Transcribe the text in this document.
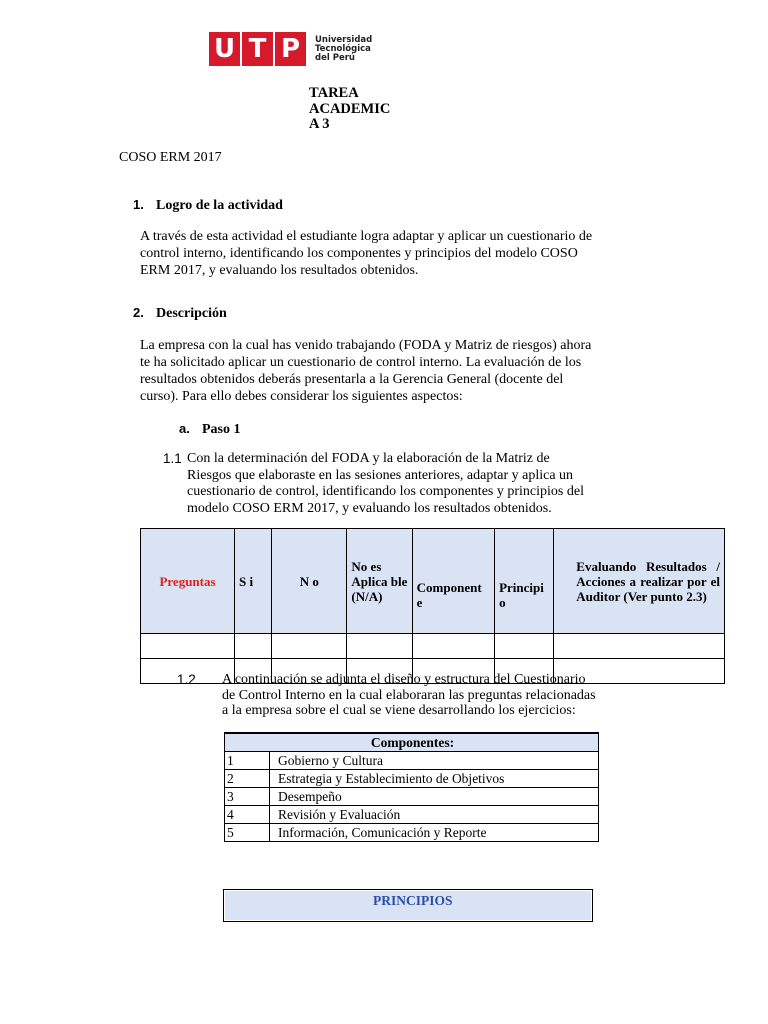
U T P	Universidad
Tecnológica
del Perú
TAREA
ACADEMIC
A 3
COSO ERM 2017
1. Logro de la actividad
A través de esta actividad el estudiante logra adaptar y aplicar un cuestionario de
control interno, identificando los componentes y principios del modelo COSO
ERM 2017, y evaluando los resultados obtenidos.
2. Descripción
La empresa con la cual has venido trabajando (FODA y Matriz de riesgos) ahora
te ha solicitado aplicar un cuestionario de control interno. La evaluación de los
resultados obtenidos deberás presentarla a la Gerencia General (docente del
curso). Para ello debes considerar los siguientes aspectos:
a. Paso 1
1.1 Con la determinación del FODA y la elaboración de la Matriz de
Riesgos que elaboraste en las sesiones anteriores, adaptar y aplica un
cuestionario de control, identificando los componentes y principios del
modelo COSO ERM 2017, y evaluando los resultados obtenidos.
Preguntas	S i	N o	No es Aplica ble (N/A)	Component e	Principi o	Evaluando Resultados / Acciones a realizar por el Auditor (Ver punto 2.3)

1.2 A continuación se adjunta el diseño y estructura del Cuestionario
de Control Interno en la cual elaboraran las preguntas relacionadas
a la empresa sobre el cual se viene desarrollando los ejercicios:
Componentes:	
1	Gobierno y Cultura
2	Estrategia y Establecimiento de Objetivos
3	Desempeño
4	Revisión y Evaluación
5	Información, Comunicación y Reporte
PRINCIPIOS
